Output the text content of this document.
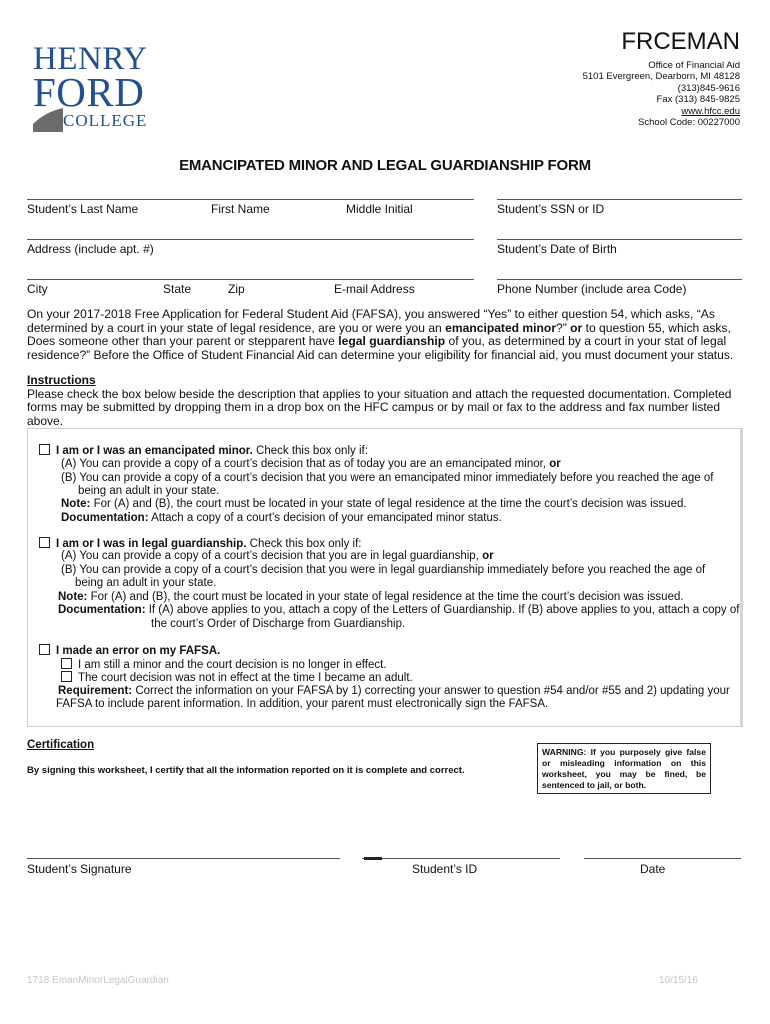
HENRY
FORD
COLLEGE
FRCEMAN
Office of Financial Aid
5101 Evergreen, Dearborn, MI 48128
(313)845-9616
Fax (313) 845-9825
www.hfcc.edu
School Code: 00227000
EMANCIPATED MINOR AND LEGAL GUARDIANSHIP FORM
Student’s Last Name	First Name	Middle Initial	Student’s SSN or ID
Address (include apt. #)	Student’s Date of Birth
City	State	Zip	E-mail Address	Phone Number (include area Code)

On your 2017-2018 Free Application for Federal Student Aid (FAFSA), you answered “Yes” to either question 54, which asks, “As determined by a court in your state of legal residence, are you or were you an emancipated minor?” or to question 55, which asks, Does someone other than your parent or stepparent have legal guardianship of you, as determined by a court in your stat of legal residence?” Before the Office of Student Financial Aid can determine your eligibility for financial aid, you must document your status.

Instructions

Please check the box below beside the description that applies to your situation and attach the requested documentation. Completed forms may be submitted by dropping them in a drop box on the HFC campus or by mail or fax to the address and fax number listed above.

I am or I was an emancipated minor. Check this box only if:
(A) You can provide a copy of a court’s decision that as of today you are an emancipated minor, or
(B) You can provide a copy of a court’s decision that you were an emancipated minor immediately before you reached the age of
being an adult in your state.
Note: For (A) and (B), the court must be located in your state of legal residence at the time the court’s decision was issued.
Documentation: Attach a copy of a court’s decision of your emancipated minor status.
I am or I was in legal guardianship. Check this box only if:
(A) You can provide a copy of a court’s decision that you are in legal guardianship, or
(B) You can provide a copy of a court’s decision that you were in legal guardianship immediately before you reached the age of
being an adult in your state.
Note: For (A) and (B), the court must be located in your state of legal residence at the time the court’s decision was issued.
Documentation: If (A) above applies to you, attach a copy of the Letters of Guardianship. If (B) above applies to you, attach a copy of
the court’s Order of Discharge from Guardianship.
I made an error on my FAFSA.
I am still a minor and the court decision is no longer in effect.
The court decision was not in effect at the time I became an adult.
Requirement: Correct the information on your FAFSA by 1) correcting your answer to question #54 and/or #55 and 2) updating your
FAFSA to include parent information. In addition, your parent must electronically sign the FAFSA.
Certification
By signing this worksheet, I certify that all the information reported on it is complete and correct.
WARNING: If you purposely give false or misleading information on this worksheet, you may be fined, be sentenced to jail, or both.
Student’s Signature	Student’s ID	Date
1718 EmanMinorLegalGuardian	10/15/16
